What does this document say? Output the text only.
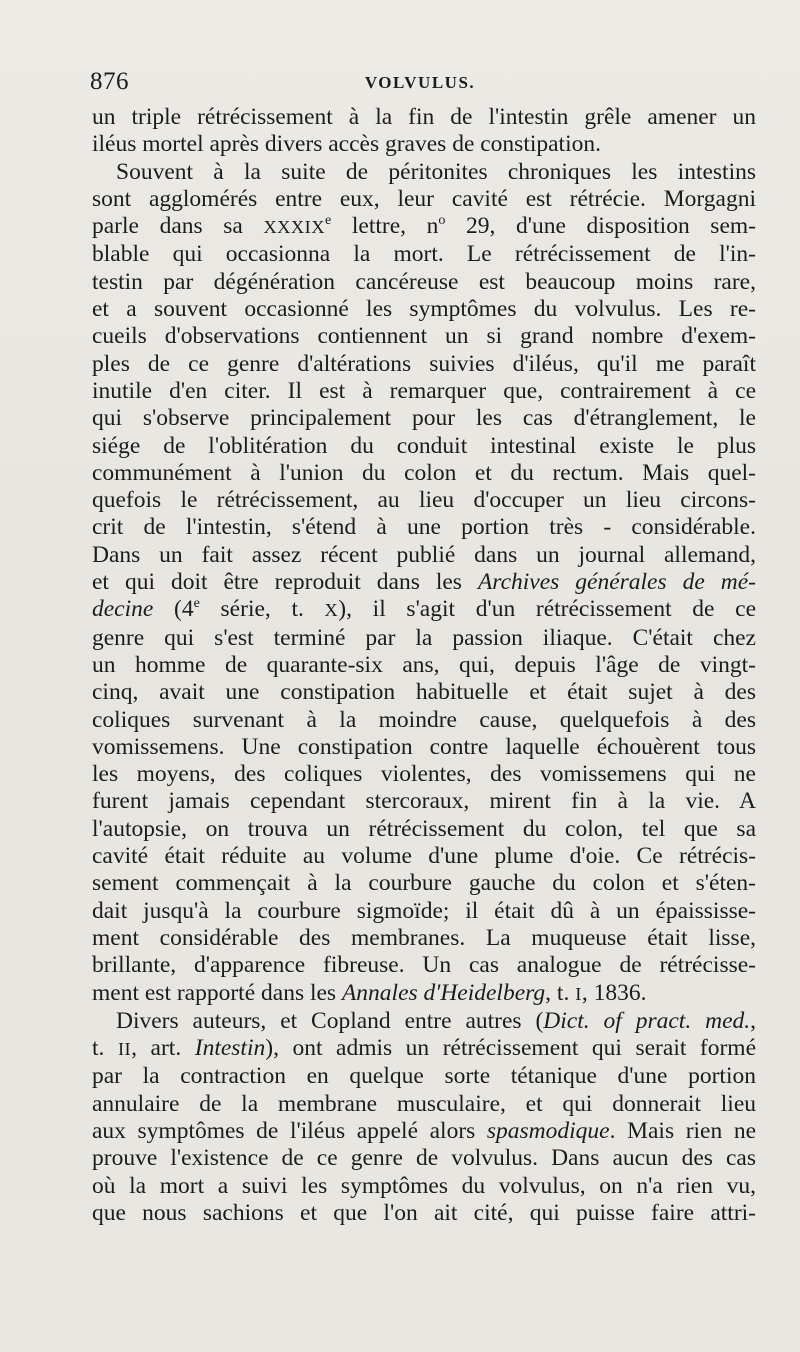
876	VOLVULUS.
un triple rétrécissement à la fin de l'intestin grêle amener un
iléus mortel après divers accès graves de constipation.
Souvent à la suite de péritonites chroniques les intestins
sont agglomérés entre eux, leur cavité est rétrécie. Morgagni
parle dans sa XXXIXe lettre, $n^o$ 29, d'une disposition sem-
blable qui occasionna la mort. Le rétrécissement de l'in-
testin par dégénération cancéreuse est beaucoup moins rare,
et a souvent occasionné les symptômes du volvulus. Les re-
cueils d'observations contiennent un si grand nombre d'exem-
ples de ce genre d'altérations suivies d'iléus, qu'il me paraît
inutile d'en citer. Il est à remarquer que, contrairement à ce
qui s'observe principalement pour les cas d'étranglement, le
siége de l'oblitération du conduit intestinal existe le plus
communément à l'union du colon et du rectum. Mais quel-
quefois le rétrécissement, au lieu d'occuper un lieu circons-
crit de l'intestin, s'étend à une portion très - considérable.
Dans un fait assez récent publié dans un journal allemand,
et qui doit être reproduit dans les Archives générales de mé-
decine (4e série, t. X), il s'agit d'un rétrécissement de ce
genre qui s'est terminé par la passion iliaque. C'était chez
un homme de quarante-six ans, qui, depuis l'âge de vingt-
cinq, avait une constipation habituelle et était sujet à des
coliques survenant à la moindre cause, quelquefois à des
vomissemens. Une constipation contre laquelle échouèrent tous
les moyens, des coliques violentes, des vomissemens qui ne
furent jamais cependant stercoraux, mirent fin à la vie. A
l'autopsie, on trouva un rétrécissement du colon, tel que sa
cavité était réduite au volume d'une plume d'oie. Ce rétrécis-
sement commençait à la courbure gauche du colon et s'éten-
dait jusqu'à la courbure sigmoïde; il était dû à un épaississe-
ment considérable des membranes. La muqueuse était lisse,
brillante, d'apparence fibreuse. Un cas analogue de rétrécisse-
ment est rapporté dans les Annales d'Heidelberg, t. I, 1836.
Divers auteurs, et Copland entre autres (Dict. of pract. med.,
t. II, art. Intestin), ont admis un rétrécissement qui serait formé
par la contraction en quelque sorte tétanique d'une portion
annulaire de la membrane musculaire, et qui donnerait lieu
aux symptômes de l'iléus appelé alors spasmodique. Mais rien ne
prouve l'existence de ce genre de volvulus. Dans aucun des cas
où la mort a suivi les symptômes du volvulus, on n'a rien vu,
que nous sachions et que l'on ait cité, qui puisse faire attri-
